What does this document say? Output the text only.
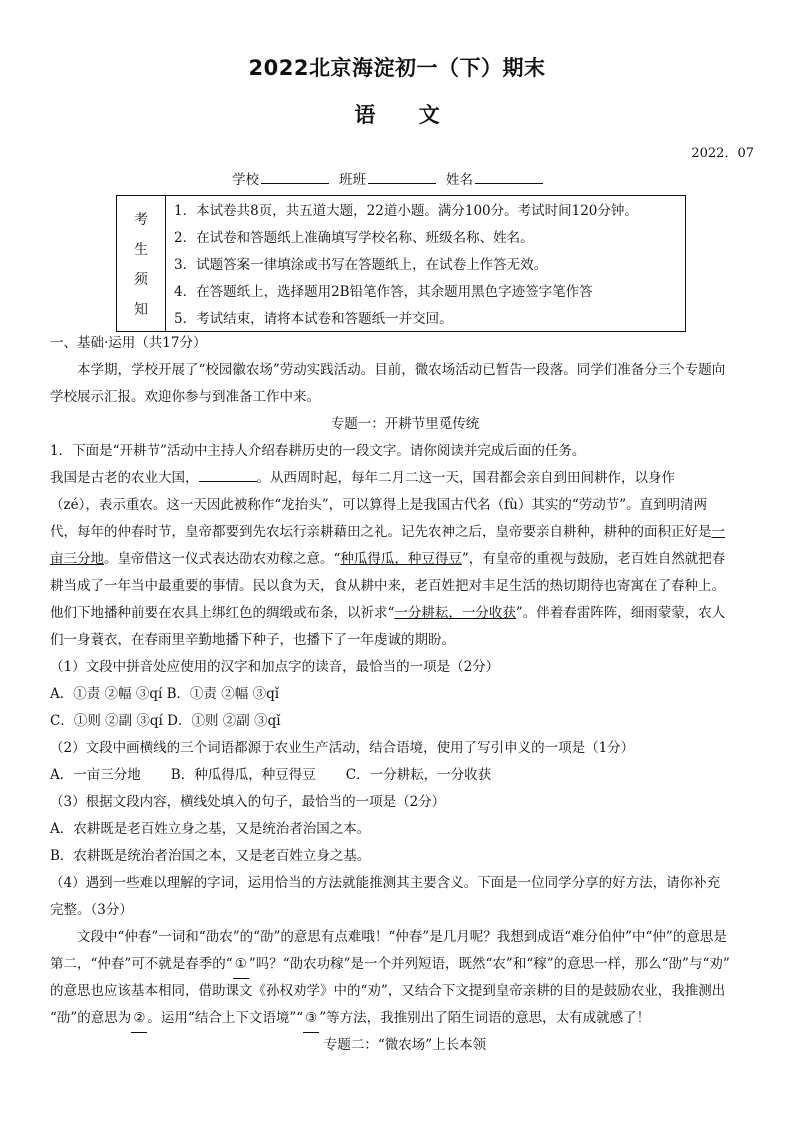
2022北京海淀初一（下）期末
语 文
2022．07
学校	班班	姓名
考
生
须
知
1．本试卷共8页，共五道大题，22道小题。满分100分。考试时间120分钟。
2．在试卷和答题纸上准确填写学校名称、班级名称、姓名。
3．试题答案一律填涂或书写在答题纸上，在试卷上作答无效。
4．在答题纸上，选择题用2B铅笔作答，其余题用黑色字迹签字笔作答
5．考试结束，请将本试卷和答题纸一并交回。
一、基础·运用（共17分）
本学期，学校开展了“校园徽农场”劳动实践活动。目前，微农场活动已暂告一段落。同学们准备分三个专题向
学校展示汇报。欢迎你参与到准备工作中来。
专题一：开耕节里觅传统
1．下面是“开耕节”活动中主持人介绍春耕历史的一段文字。请你阅读并完成后面的任务。
我国是古老的农业大国，	。从西周时起，每年二月二这一天，国君都会亲自到田间耕作，以身作
（zé），表示重农。这一天因此被称作“龙抬头”，可以算得上是我国古代名（fù）其实的“劳动节”。直到明清两
代，每年的仲春时节，皇帝都要到先农坛行亲耕藉田之礼。记先农神之后，皇帝要亲自耕种，耕种的面积正好是一
亩三分地。皇帝借这一仪式表达劭农劝稼之意。“种瓜得瓜，种豆得豆”，有皇帝的重视与鼓励，老百姓自然就把春
耕当成了一年当中最重要的事情。民以食为天，食从耕中来，老百姓把对丰足生活的热切期待也寄寓在了春种上。
他们下地播种前要在农具上绑红色的绸缎或布条，以祈求“一分耕耘，一分收获”。伴着春雷阵阵，细雨蒙蒙，农人
们一身蓑衣，在春雨里辛勤地播下种子，也播下了一年虔诚的期盼。
（1）文段中拼音处应使用的汉字和加点字的读音，最恰当的一项是（2分）
A．①责 ②幅 ③qí B．①责 ②幅 ③qǐ
C．①则 ②副 ③qí D．①则 ②副 ③qǐ
（2）文段中画横线的三个词语都源于农业生产活动，结合语境，使用了写引申义的一项是（1分）
A．一亩三分地       B．种瓜得瓜，种豆得豆       C．一分耕耘，一分收获
（3）根据文段内容，横线处填入的句子，最恰当的一项是（2分）
A．农耕既是老百姓立身之基，又是统治者治国之本。
B．农耕既是统治者治国之本，又是老百姓立身之基。
（4）遇到一些难以理解的字词，运用恰当的方法就能推测其主要含义。下面是一位同学分享的好方法，请你补充
完整。（3分）
文段中“仲春”一词和“劭农”的“劭”的意思有点难哦！“仲春”是几月呢？我想到成语“难分伯仲”中“仲”的意思是
第二，“仲春”可不就是春季的“ ① ”吗？“劭农功稼”是一个并列短语，既然“农”和“稼”的意思一样，那么“劭”与“劝”
的意思也应该基本相同，借助课文《孙权劝学》中的“劝”，又结合下文提到皇帝亲耕的目的是鼓励农业，我推测出
“劭”的意思为 ② 。运用“结合上下文语境”“ ③ ”等方法，我推别出了陌生词语的意思，太有成就感了！
专题二：“微农场”上长本领
